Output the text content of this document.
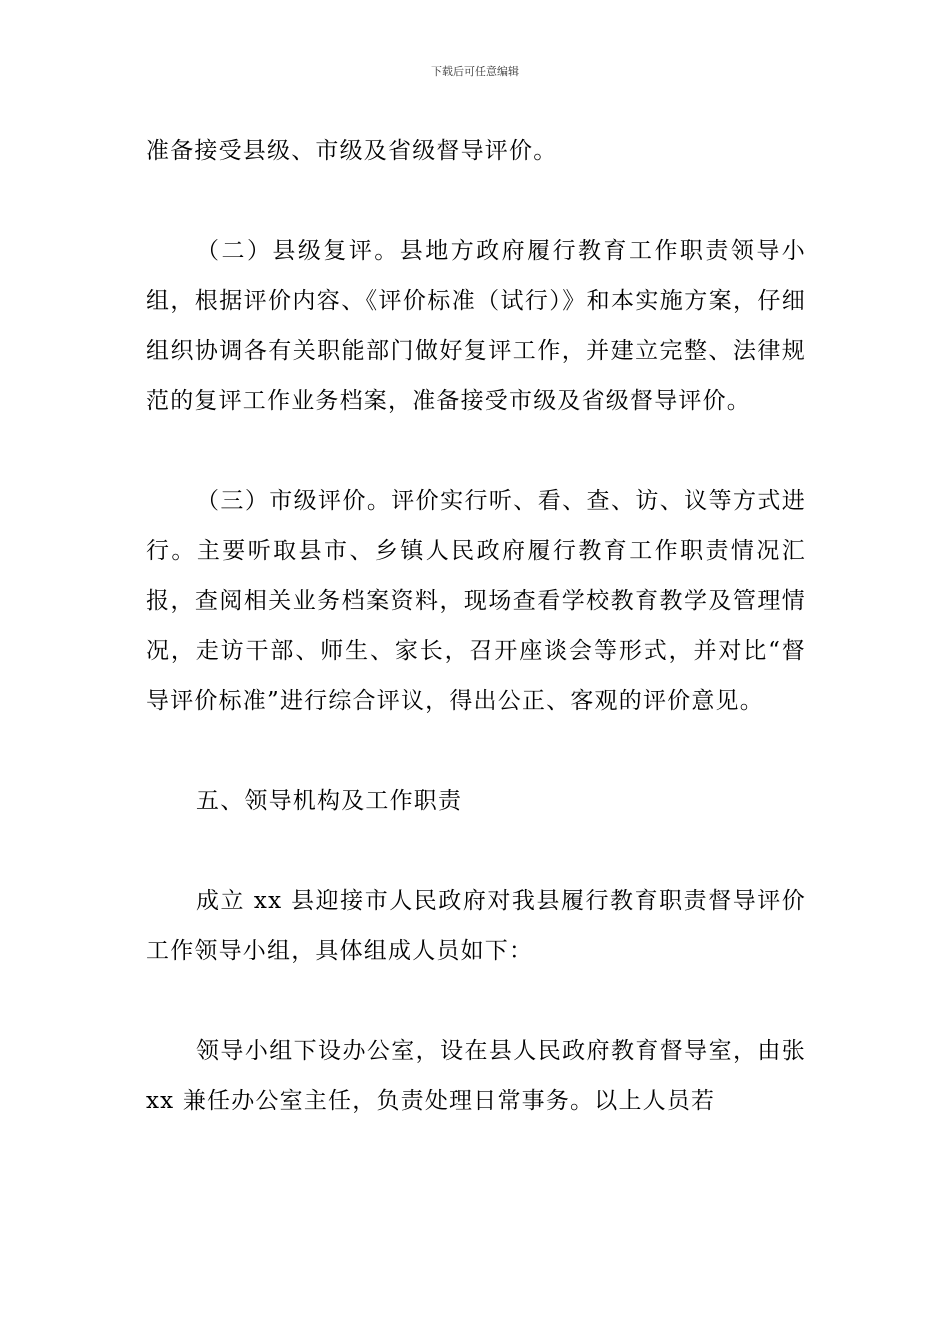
下载后可任意编辑

准备接受县级、市级及省级督导评价。

（二）县级复评。县地方政府履行教育工作职责领导小组，根据评价内容、《评价标准（试行）》和本实施方案，仔细组织协调各有关职能部门做好复评工作，并建立完整、法律规范的复评工作业务档案，准备接受市级及省级督导评价。

（三）市级评价。评价实行听、看、查、访、议等方式进行。主要听取县市、乡镇人民政府履行教育工作职责情况汇报，查阅相关业务档案资料，现场查看学校教育教学及管理情况，走访干部、师生、家长，召开座谈会等形式，并对比“督导评价标准”进行综合评议，得出公正、客观的评价意见。

五、领导机构及工作职责

成立 xx 县迎接市人民政府对我县履行教育职责督导评价工作领导小组，具体组成人员如下：

领导小组下设办公室，设在县人民政府教育督导室，由张 xx 兼任办公室主任，负责处理日常事务。以上人员若
